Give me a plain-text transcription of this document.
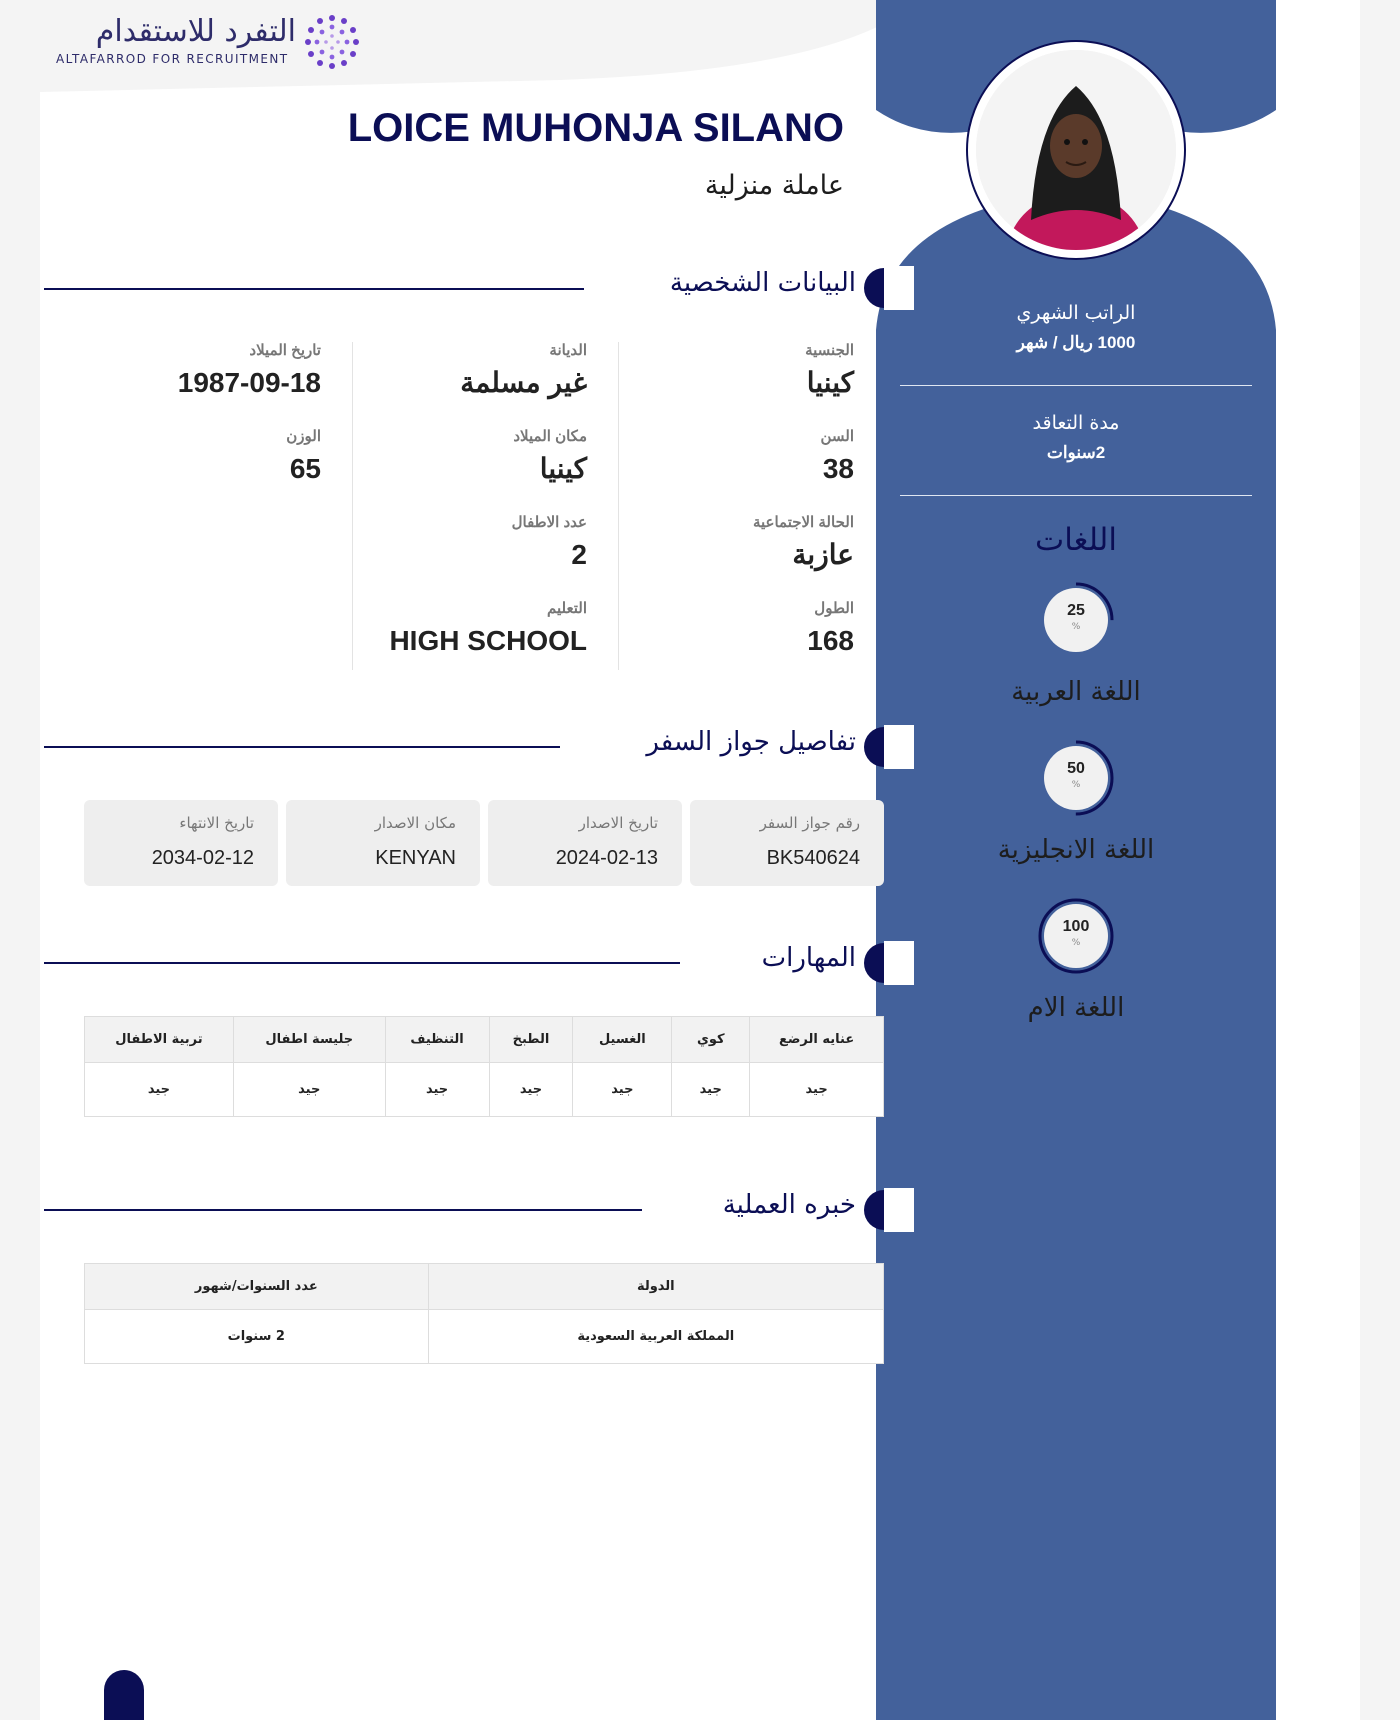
التفرد للاستقدام
ALTAFARROD FOR RECRUITMENT
الراتب الشهري
1000 ريال / شهر
مدة التعاقد
2سنوات
اللغات
25
%
اللغة العربية
50
%
اللغة الانجليزية
100
%
اللغة الام
LOICE MUHONJA SILANO
عاملة منزلية
البيانات الشخصية
الجنسية
كينيا
السن
38
الحالة الاجتماعية
عازبة
الطول
168
الديانة
غير مسلمة
مكان الميلاد
كينيا
عدد الاطفال
2
التعليم
HIGH SCHOOL
تاريخ الميلاد
1987-09-18
الوزن
65
تفاصيل جواز السفر
رقم جواز السفر
BK540624
تاريخ الاصدار
2024-02-13
مكان الاصدار
KENYAN
تاريخ الانتهاء
2034-02-12
المهارات
عنايه الرضع	كوي	الغسيل	الطبخ	التنظيف	جليسة اطفال	تربية الاطفال
جيد	جيد	جيد	جيد	جيد	جيد	جيد
خبره العملية
الدولة	عدد السنوات/شهور
المملكة العربية السعودية	2 سنوات
